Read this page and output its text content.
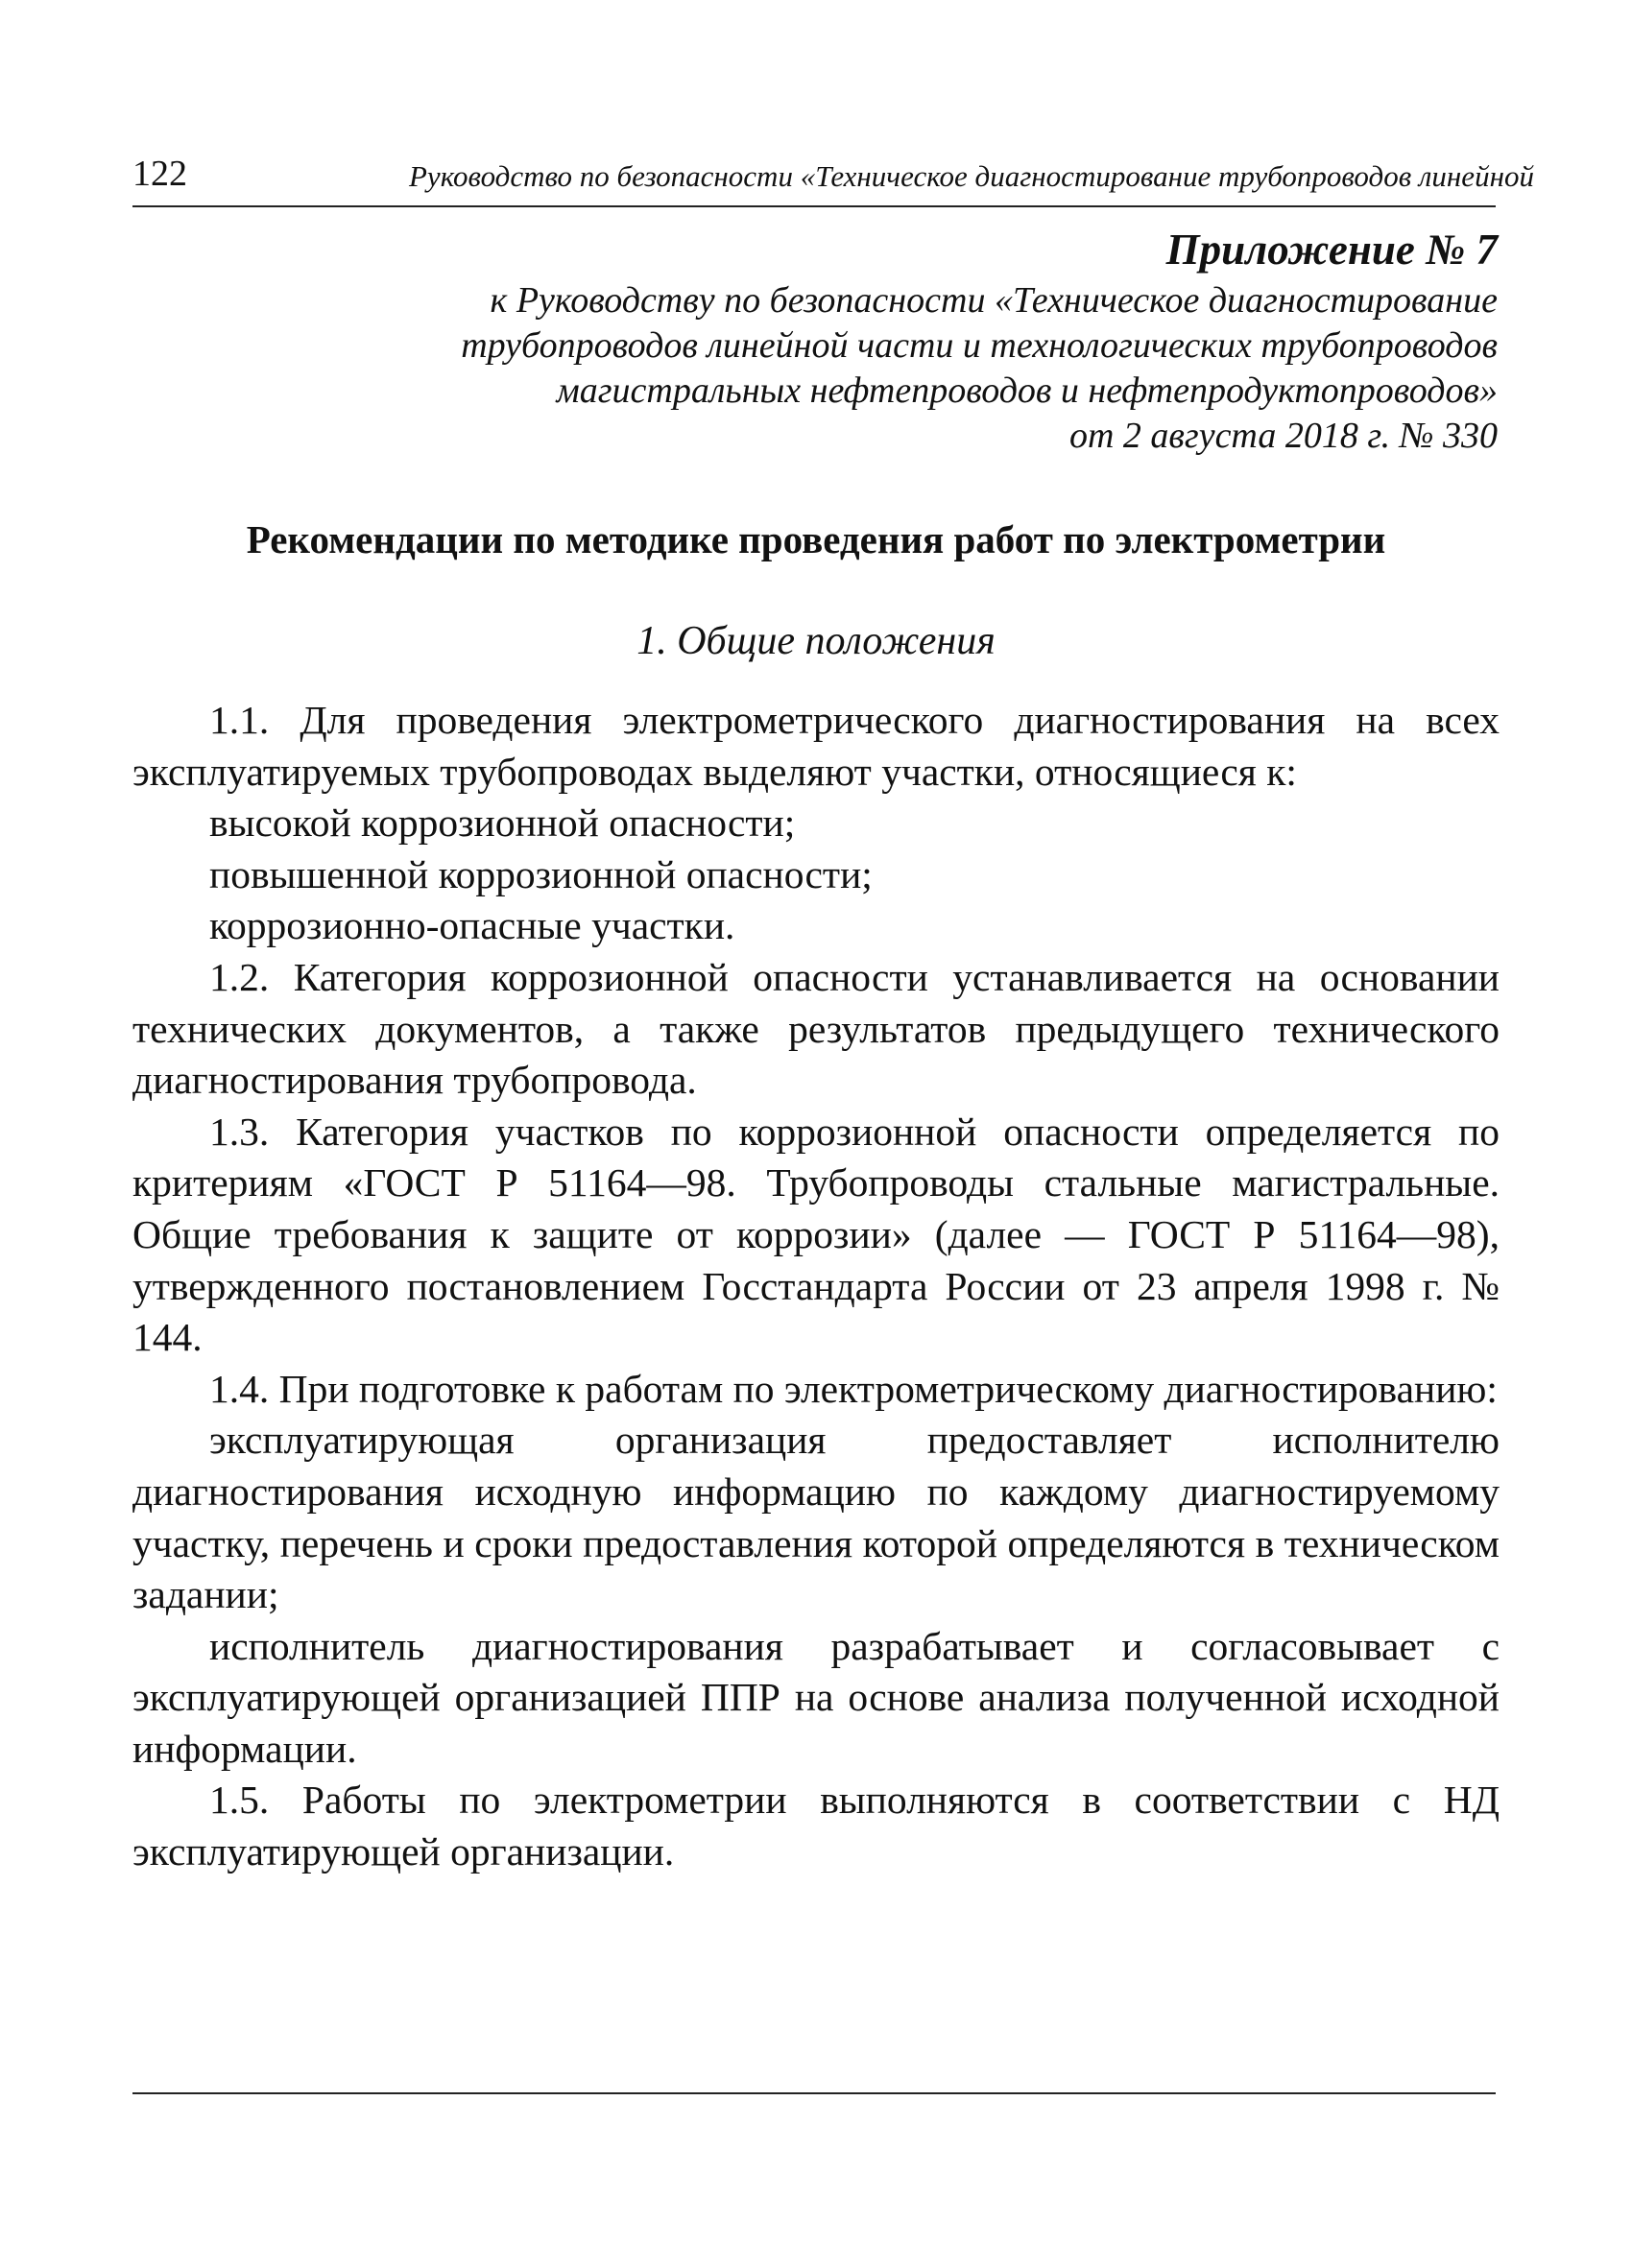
122	Руководство по безопасности «Техническое диагностирование трубопроводов линейной
Приложение № 7
к Руководству по безопасности «Техническое диагностирование
трубопроводов линейной части и технологических трубопроводов
магистральных нефтепроводов и нефтепродуктопроводов»
от 2 августа 2018 г. № 330
Рекомендации по методике проведения работ по электрометрии
1. Общие положения

1.1. Для проведения электрометрического диагностирования на всех эксплуатируемых трубопроводах выделяют участки, относящиеся к:

высокой коррозионной опасности;

повышенной коррозионной опасности;

коррозионно-опасные участки.

1.2. Категория коррозионной опасности устанавливается на основании технических документов, а также результатов предыдущего технического диагностирования трубопровода.

1.3. Категория участков по коррозионной опасности определяется по критериям «ГОСТ Р 51164—98. Трубопроводы стальные магистральные. Общие требования к защите от коррозии» (далее — ГОСТ Р 51164—98), утвержденного постановлением Госстандарта России от 23 апреля 1998 г. № 144.

1.4. При подготовке к работам по электрометрическому диагностированию:

эксплуатирующая организация предоставляет исполнителю диагностирования исходную информацию по каждому диагностируемому участку, перечень и сроки предоставления которой определяются в техническом задании;

исполнитель диагностирования разрабатывает и согласовывает с эксплуатирующей организацией ППР на основе анализа полученной исходной информации.

1.5. Работы по электрометрии выполняются в соответствии с НД эксплуатирующей организации.
